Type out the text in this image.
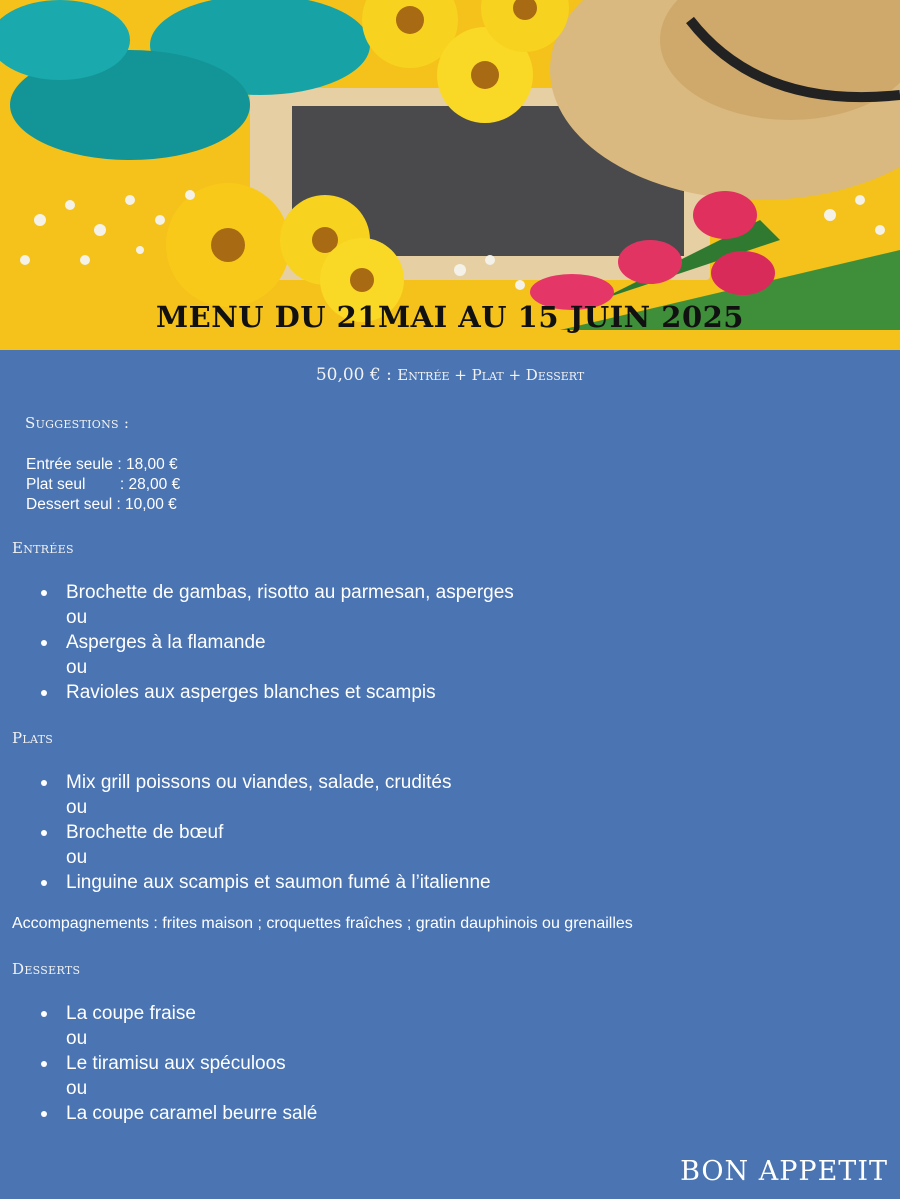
MENU DU 21MAI AU 15 JUIN 2025
50,00 € : Entrée + Plat + Dessert
Suggestions :
Entrée seule : 18,00 €
Plat seul        : 28,00 €
Dessert seul : 10,00 €
Entrées
Brochette de gambas, risotto au parmesan, asperges
ou
Asperges à la flamande
ou
Ravioles aux asperges blanches et scampis
Plats
Mix grill poissons ou viandes, salade, crudités
ou
Brochette de bœuf
ou
Linguine aux scampis et saumon fumé à l’italienne
Accompagnements : frites maison ; croquettes fraîches ; gratin dauphinois ou grenailles
Desserts
La coupe fraise
ou
Le tiramisu aux spéculoos
ou
La coupe caramel beurre salé
BON APPETIT
